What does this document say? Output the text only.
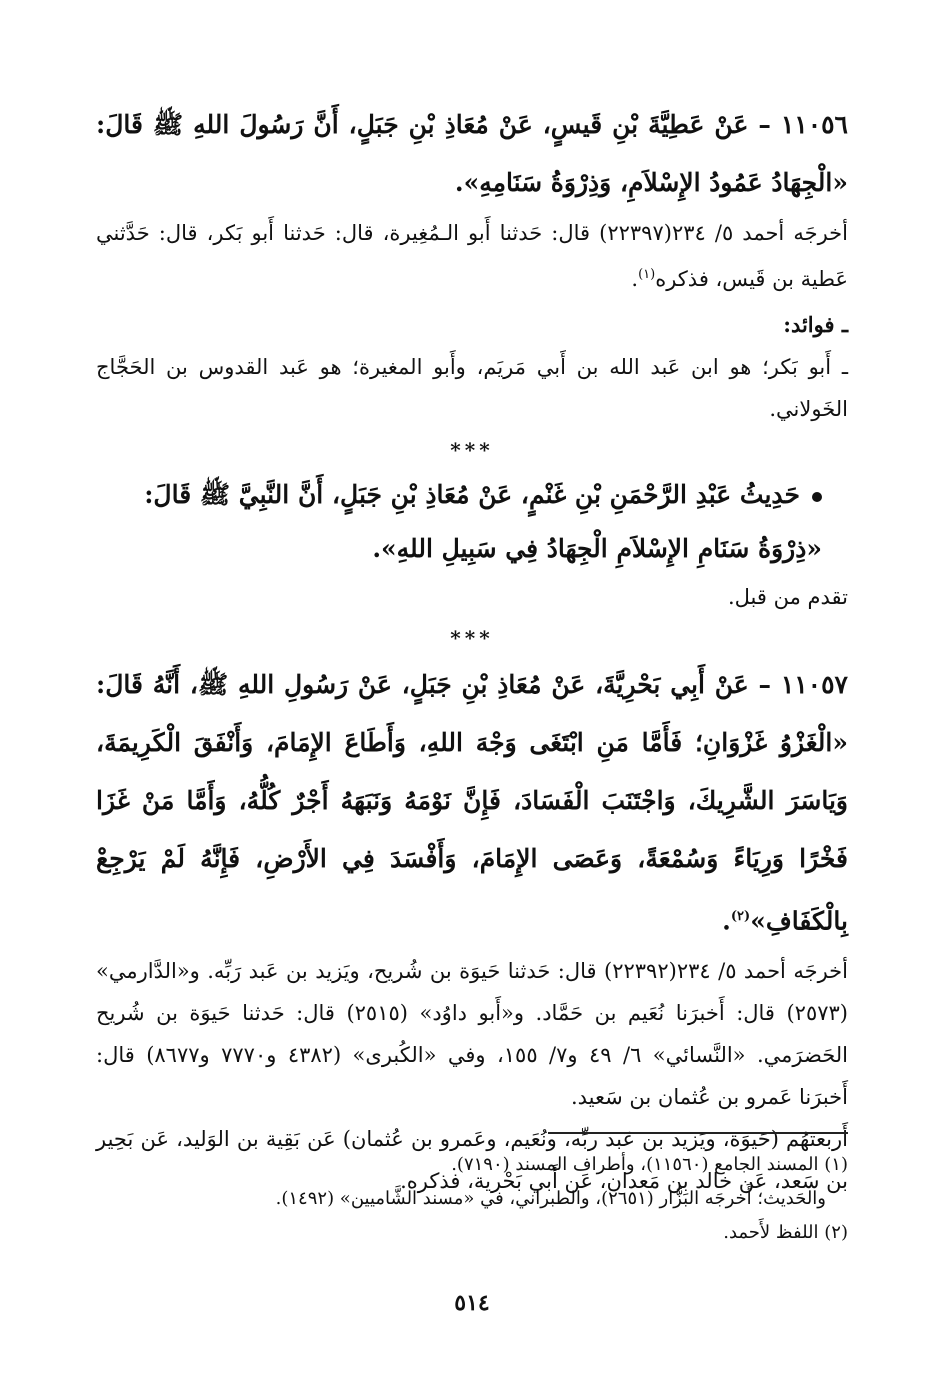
١١٠٥٦ – عَنْ عَطِيَّةَ بْنِ قَيسٍ، عَنْ مُعَاذِ بْنِ جَبَلٍ، أَنَّ رَسُولَ اللهِ ﷺ قَالَ: «الْجِهَادُ عَمُودُ الإِسْلاَمِ، وَذِرْوَةُ سَنَامِهِ».

أخرجَه أحمد ٥/ ٢٣٤(٢٢٣٩٧) قال: حَدثنا أَبو الـمُغِيرة، قال: حَدثنا أَبو بَكر، قال: حَدَّثني عَطية بن قَيس، فذكره$^{(١)}$.

ـ فوائد:

ـ أَبو بَكر؛ هو ابن عَبد الله بن أَبي مَريَم، وأَبو المغيرة؛ هو عَبد القدوس بن الحَجَّاج الخَولاني.

***

حَدِيثُ عَبْدِ الرَّحْمَنِ بْنِ غَنْمٍ، عَنْ مُعَاذِ بْنِ جَبَلٍ، أَنَّ النَّبِيَّ ﷺ قَالَ:
«ذِرْوَةُ سَنَامِ الإِسْلاَمِ الْجِهَادُ فِي سَبِيلِ اللهِ».

تقدم من قبل.

***

١١٠٥٧ – عَنْ أَبِي بَحْرِيَّةَ، عَنْ مُعَاذِ بْنِ جَبَلٍ، عَنْ رَسُولِ اللهِ ﷺ، أَنَّهُ قَالَ: «الْغَزْوُ غَزْوَانِ؛ فَأَمَّا مَنِ ابْتَغَى وَجْهَ اللهِ، وَأَطَاعَ الإِمَامَ، وَأَنْفَقَ الْكَرِيمَةَ، وَيَاسَرَ الشَّرِيكَ، وَاجْتَنَبَ الْفَسَادَ، فَإِنَّ نَوْمَهُ وَنَبَهَهُ أَجْرٌ كُلُّهُ، وَأَمَّا مَنْ غَزَا فَخْرًا وَرِيَاءً وَسُمْعَةً، وَعَصَى الإِمَامَ، وَأَفْسَدَ فِي الأَرْضِ، فَإِنَّهُ لَمْ يَرْجِعْ بِالْكَفَافِ»$^{(٢)}$.

أخرجَه أحمد ٥/ ٢٣٤(٢٢٣٩٢) قال: حَدثنا حَيوَة بن شُريح، ويَزيد بن عَبد رَبِّه. و«الدَّارمي» (٢٥٧٣) قال: أَخبرَنا نُعَيم بن حَمَّاد. و«أَبو داوُد» (٢٥١٥) قال: حَدثنا حَيوَة بن شُريح الحَضرَمي. «النَّسائي» ٦/ ٤٩ و٧/ ١٥٥، وفي «الكُبرى» (٤٣٨٢ و٧٧٧٠ و٨٦٧٧) قال: أَخبرَنا عَمرو بن عُثمان بن سَعيد.

أَربعتهُم (حَيوَة، ويَزيد بن عَبد ربِّه، ونُعَيم، وعَمرو بن عُثمان) عَن بَقِية بن الوَليد، عَن بَحِير بن سَعد، عَن خالد بن مَعدان، عَن أَبي بَحْرية، فذكره.

(١) المسند الجامع (١١٥٦٠)، وأطراف المسند (٧١٩٠).

والحَديث؛ أَخرجَه البَزَّار (٢٦٥١)، والطبراني، في «مسند الشَّاميين» (١٤٩٢).

(٢) اللفظ لأَحمد.

٥١٤
